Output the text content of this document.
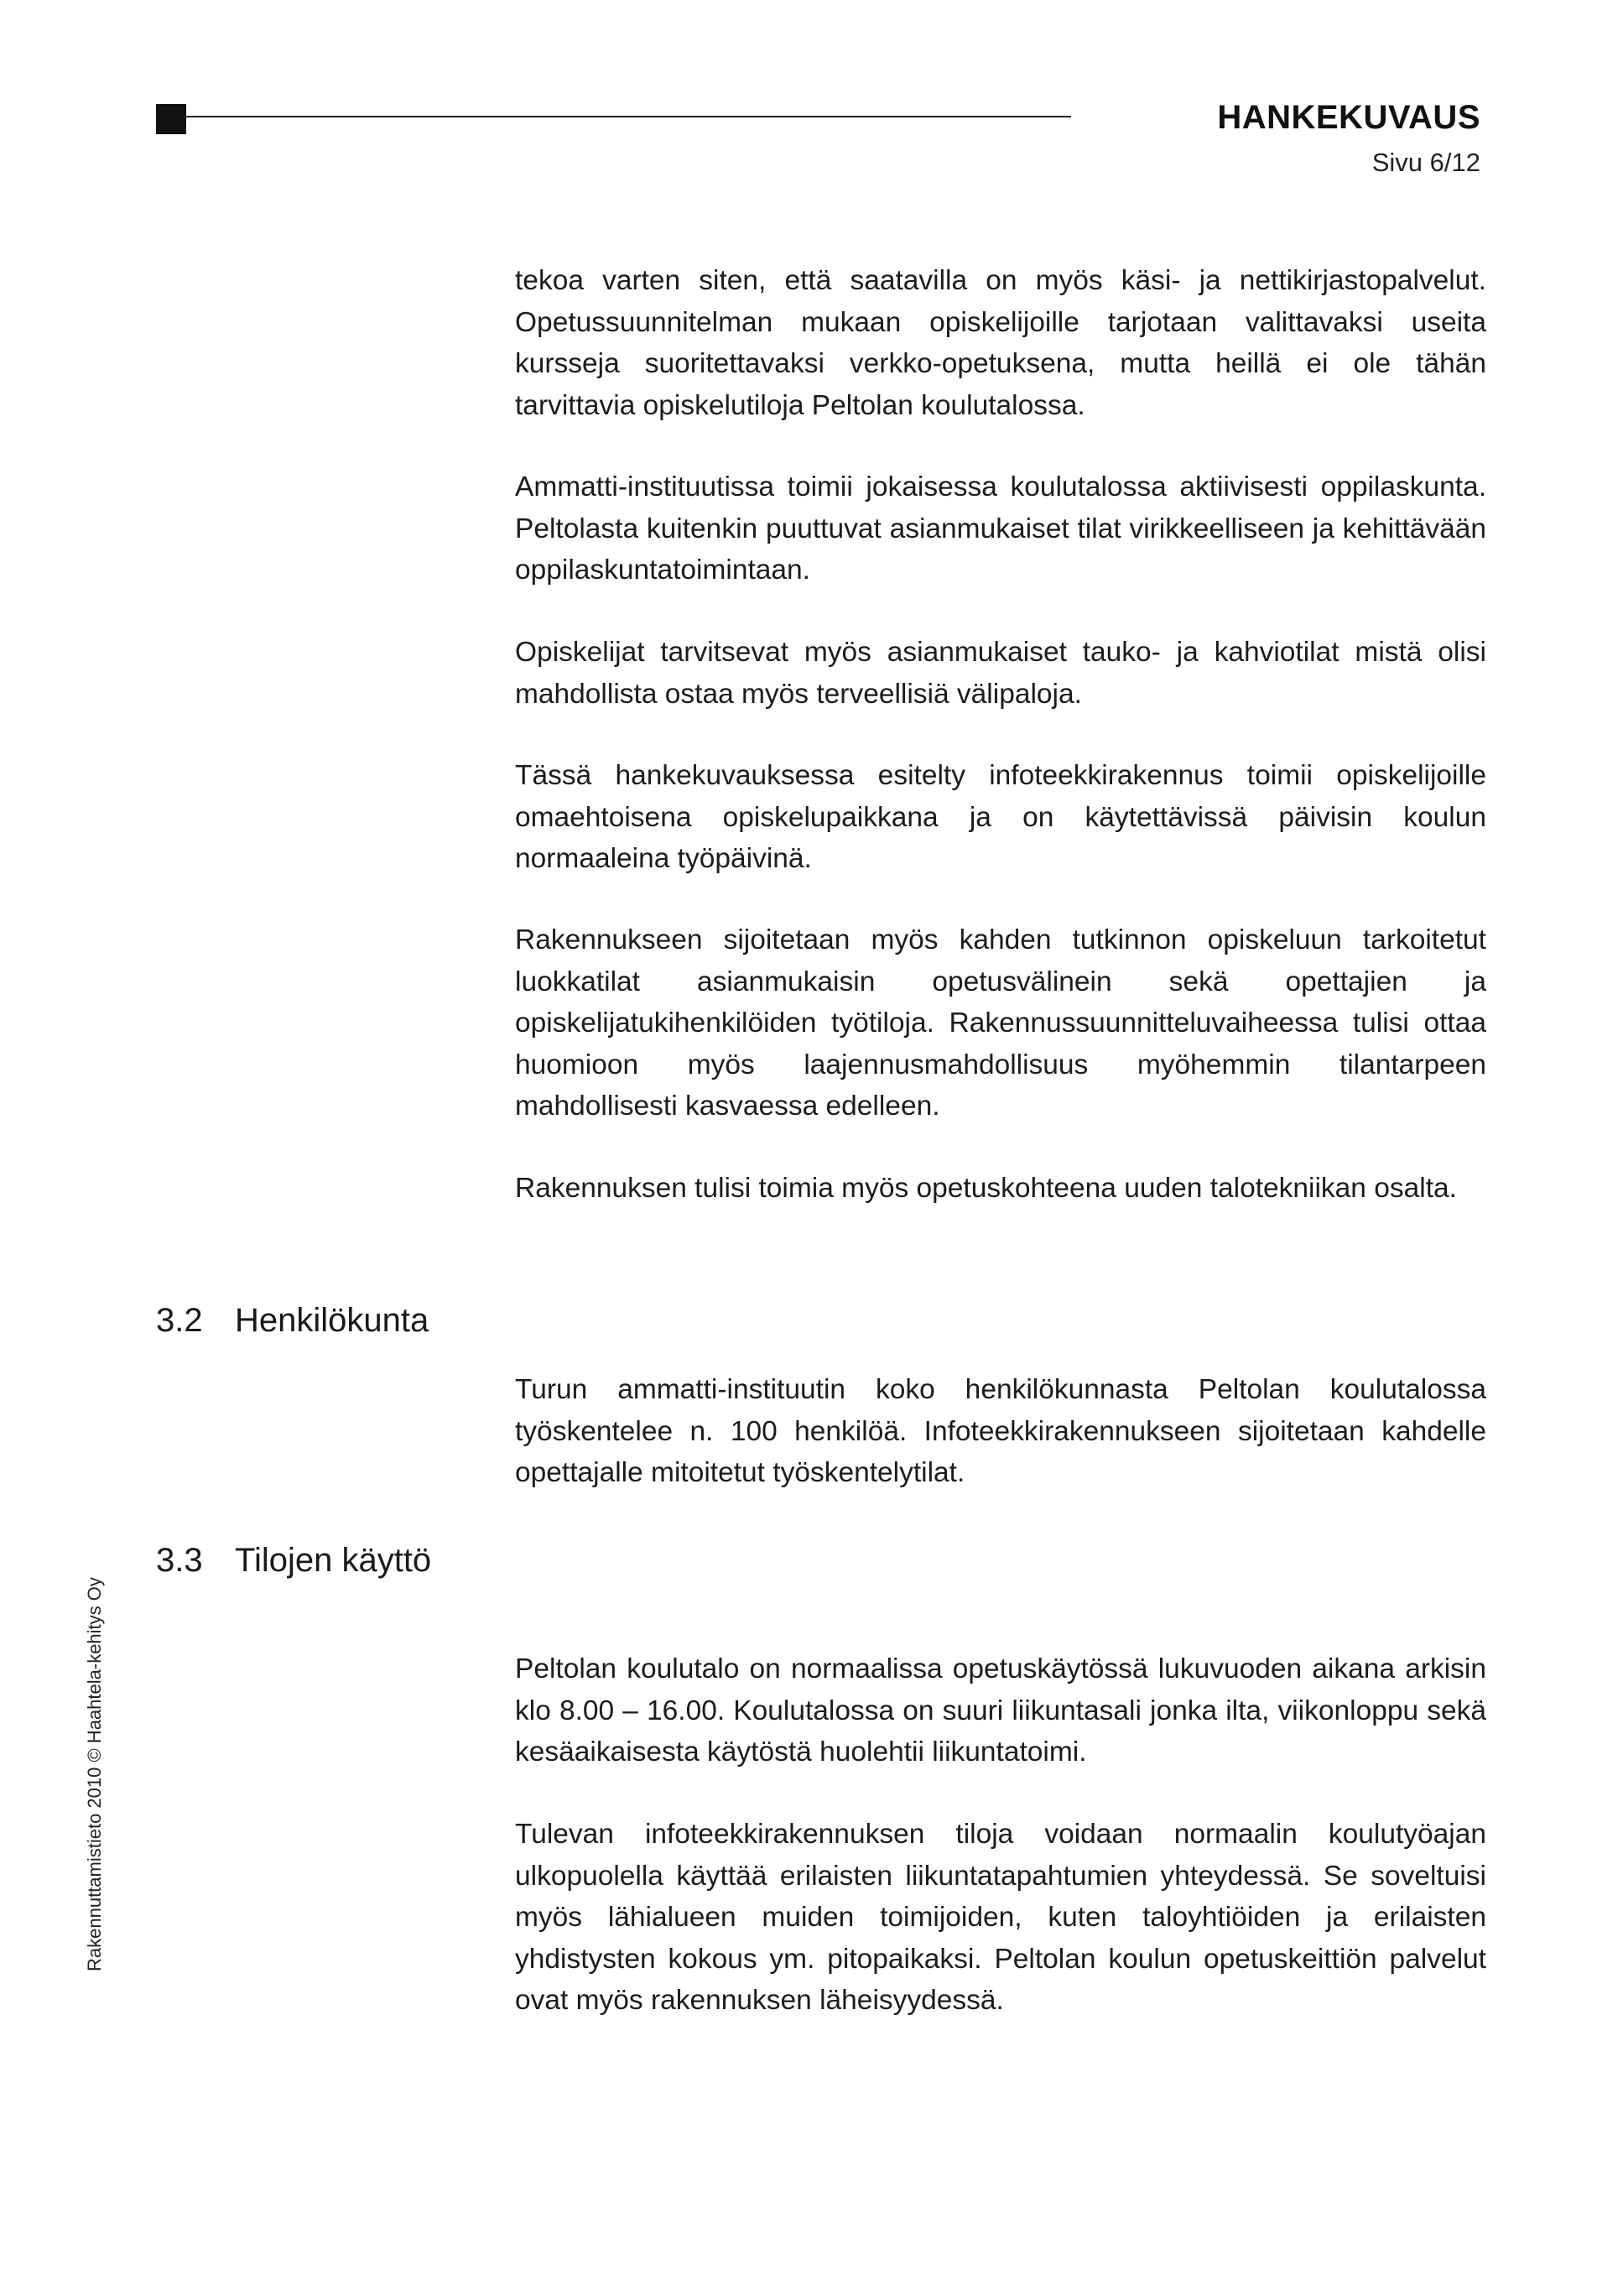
HANKEKUVAUS
Sivu 6/12
Rakennuttamistieto 2010 © Haahtela-kehitys Oy

tekoa varten siten, että saatavilla on myös käsi- ja nettikirjastopalvelut. Opetussuunnitelman mukaan opiskelijoille tarjotaan valittavaksi useita kursseja suoritettavaksi verkko-opetuksena, mutta heillä ei ole tähän tarvittavia opiskelutiloja Peltolan koulutalossa.

Ammatti-instituutissa toimii jokaisessa koulutalossa aktiivisesti oppilaskunta. Peltolasta kuitenkin puuttuvat asianmukaiset tilat virikkeelliseen ja kehittävään oppilaskuntatoimintaan.

Opiskelijat tarvitsevat myös asianmukaiset tauko- ja kahviotilat mistä olisi mahdollista ostaa myös terveellisiä välipaloja.

Tässä hankekuvauksessa esitelty infoteekkirakennus toimii opiskelijoille omaehtoisena opiskelupaikkana ja on käytettävissä päivisin koulun normaaleina työpäivinä.

Rakennukseen sijoitetaan myös kahden tutkinnon opiskeluun tarkoitetut luokkatilat asianmukaisin opetusvälinein sekä opettajien ja opiskelijatukihenkilöiden työtiloja. Rakennussuunnitteluvaiheessa tulisi ottaa huomioon myös laajennusmahdollisuus myöhemmin tilantarpeen mahdollisesti kasvaessa edelleen.

Rakennuksen tulisi toimia myös opetuskohteena uuden talotekniikan osalta.

3.2 Henkilökunta

Turun ammatti-instituutin koko henkilökunnasta Peltolan koulutalossa työskentelee n. 100 henkilöä. Infoteekkirakennukseen sijoitetaan kahdelle opettajalle mitoitetut työskentelytilat.

3.3 Tilojen käyttö

Peltolan koulutalo on normaalissa opetuskäytössä lukuvuoden aikana arkisin klo 8.00 – 16.00. Koulutalossa on suuri liikuntasali jonka ilta, viikonloppu sekä kesäaikaisesta käytöstä huolehtii liikuntatoimi.

Tulevan infoteekkirakennuksen tiloja voidaan normaalin koulutyöajan ulkopuolella käyttää erilaisten liikuntatapahtumien yhteydessä. Se soveltuisi myös lähialueen muiden toimijoiden, kuten taloyhtiöiden ja erilaisten yhdistysten kokous ym. pitopaikaksi. Peltolan koulun opetuskeittiön palvelut ovat myös rakennuksen läheisyydessä.
